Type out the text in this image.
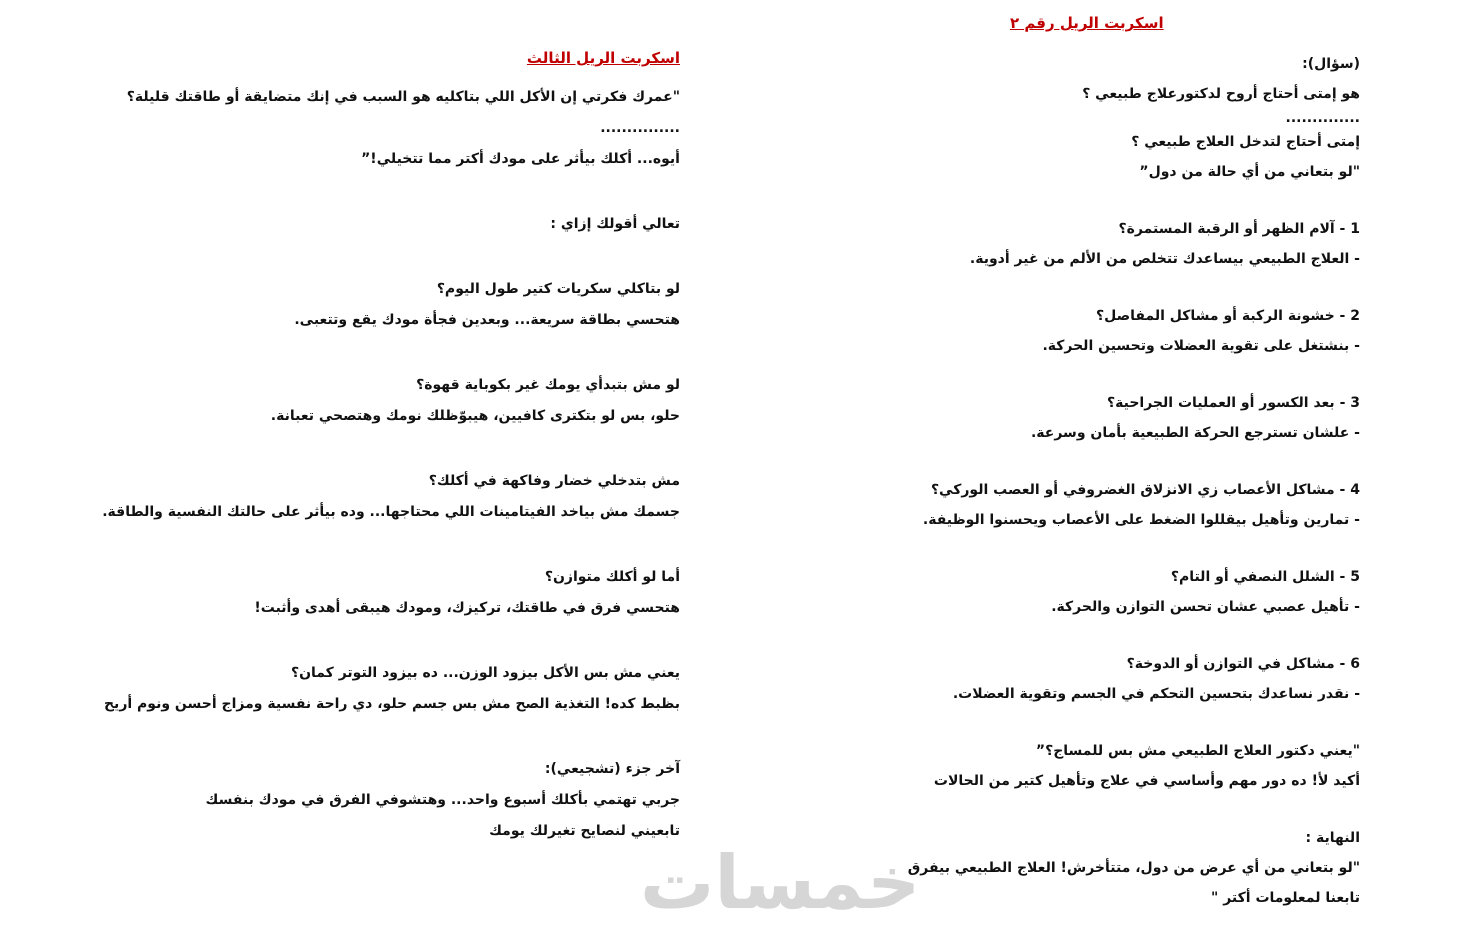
اسكربت الريل الثالث

"عمرك فكرتي إن الأكل اللي بتاكليه هو السبب في إنك متضايقة أو طاقتك قليلة؟

...............

أيوه... أكلك بيأثر على مودك أكتر مما تتخيلي!”

تعالي أقولك إزاي :

لو بتاكلي سكريات كتير طول اليوم؟

هتحسي بطاقة سريعة... وبعدين فجأة مودك يقع وتتعبى.

لو مش بتبدأي يومك غير بكوباية قهوة؟

حلو، بس لو بتكترى كافيين، هيبوّظلك نومك وهتصحي تعبانة.

مش بتدخلي خضار وفاكهة في أكلك؟

جسمك مش بياخد الفيتامينات اللي محتاجها... وده بيأثر على حالتك النفسية والطاقة.

أما لو أكلك متوازن؟

هتحسي فرق في طاقتك، تركيزك، ومودك هيبقى أهدى وأثبت!

يعني مش بس الأكل بيزود الوزن... ده بيزود التوتر كمان؟

بظبط كده! التغذية الصح مش بس جسم حلو، دي راحة نفسية ومزاج أحسن ونوم أريح

آخر جزء (تشجيعي):

جربي تهتمي بأكلك أسبوع واحد... وهتشوفي الفرق في مودك بنفسك

تابعيني لنصايح تغيرلك يومك

اسكربت الريل رقم ٢

(سؤال):

هو إمتى أحتاج أروح لدكتورعلاج طبيعي ؟

..............

إمتى أحتاج لتدخل العلاج طبيعي ؟

"لو بتعاني من أي حالة من دول”

1 - آلام الظهر أو الرقبة المستمرة؟

- العلاج الطبيعي بيساعدك تتخلص من الألم من غير أدوية.

2 - خشونة الركبة أو مشاكل المفاصل؟

- بنشتغل على تقوية العضلات وتحسين الحركة.

3 - بعد الكسور أو العمليات الجراحية؟

- علشان تسترجع الحركة الطبيعية بأمان وسرعة.

4 - مشاكل الأعصاب زي الانزلاق الغضروفي أو العصب الوركي؟

- تمارين وتأهيل بيقللوا الضغط على الأعصاب ويحسنوا الوظيفة.

5 - الشلل النصفي أو التام؟

- تأهيل عصبي عشان تحسن التوازن والحركة.

6 - مشاكل في التوازن أو الدوخة؟

- نقدر نساعدك بتحسين التحكم في الجسم وتقوية العضلات.

"يعني دكتور العلاج الطبيعي مش بس للمساج؟”

أكيد لأ! ده دور مهم وأساسي في علاج وتأهيل كتير من الحالات

النهاية :

"لو بتعاني من أي عرض من دول، متتأخرش! العلاج الطبيعي بيفرق

تابعنا لمعلومات أكتر "

خمسات
